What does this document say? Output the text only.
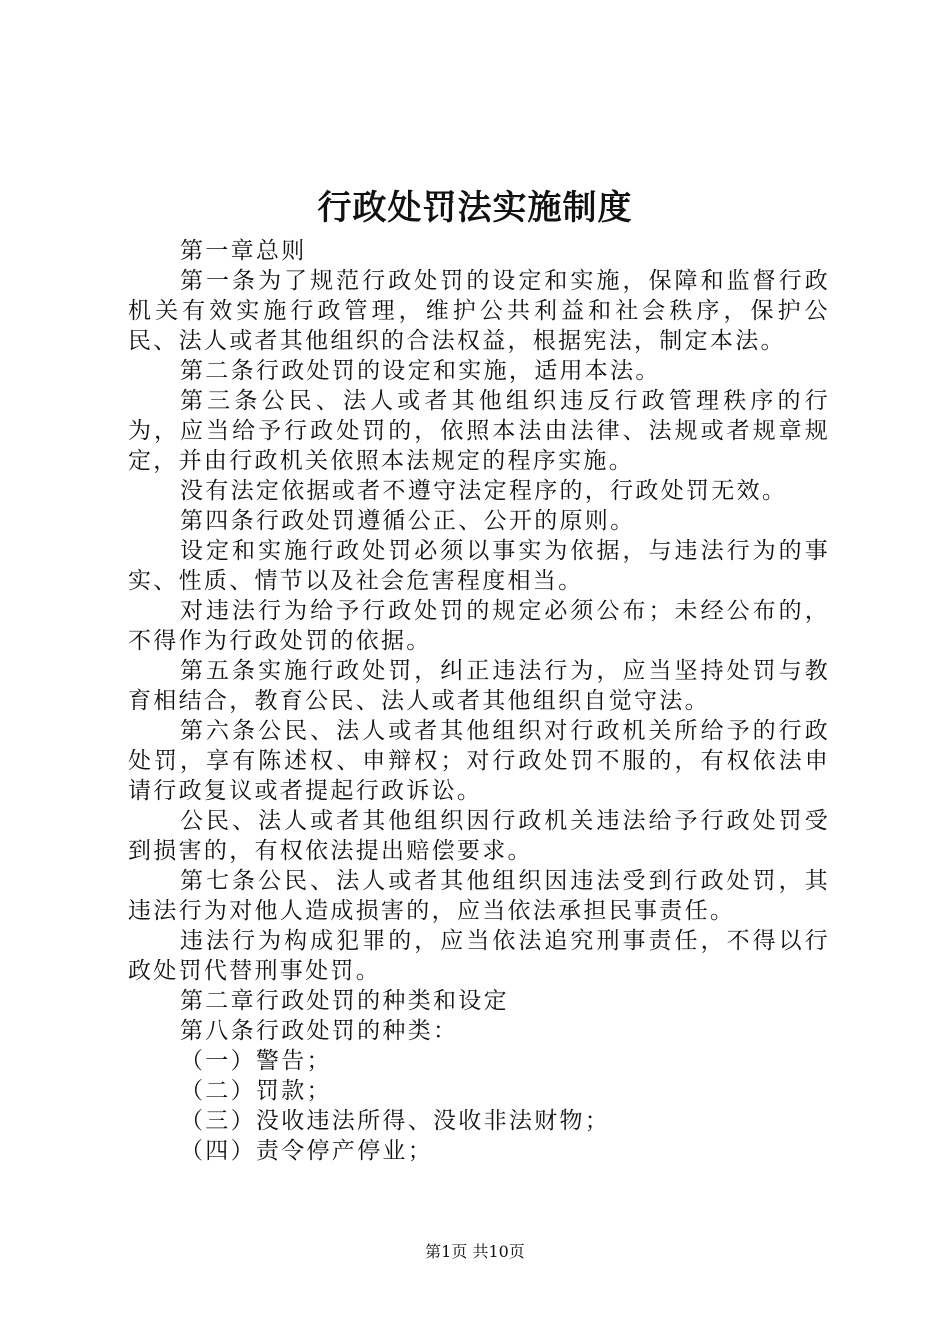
行政处罚法实施制度

第一章总则

第一条为了规范行政处罚的设定和实施，保障和监督行政机关有效实施行政管理，维护公共利益和社会秩序，保护公民、法人或者其他组织的合法权益，根据宪法，制定本法。

第二条行政处罚的设定和实施，适用本法。

第三条公民、法人或者其他组织违反行政管理秩序的行为，应当给予行政处罚的，依照本法由法律、法规或者规章规定，并由行政机关依照本法规定的程序实施。

没有法定依据或者不遵守法定程序的，行政处罚无效。

第四条行政处罚遵循公正、公开的原则。

设定和实施行政处罚必须以事实为依据，与违法行为的事实、性质、情节以及社会危害程度相当。

对违法行为给予行政处罚的规定必须公布；未经公布的，不得作为行政处罚的依据。

第五条实施行政处罚，纠正违法行为，应当坚持处罚与教育相结合，教育公民、法人或者其他组织自觉守法。

第六条公民、法人或者其他组织对行政机关所给予的行政处罚，享有陈述权、申辩权；对行政处罚不服的，有权依法申请行政复议或者提起行政诉讼。

公民、法人或者其他组织因行政机关违法给予行政处罚受到损害的，有权依法提出赔偿要求。

第七条公民、法人或者其他组织因违法受到行政处罚，其违法行为对他人造成损害的，应当依法承担民事责任。

违法行为构成犯罪的，应当依法追究刑事责任，不得以行政处罚代替刑事处罚。

第二章行政处罚的种类和设定

第八条行政处罚的种类：

（一）警告；

（二）罚款；

（三）没收违法所得、没收非法财物；

（四）责令停产停业；

第1页 共10页
